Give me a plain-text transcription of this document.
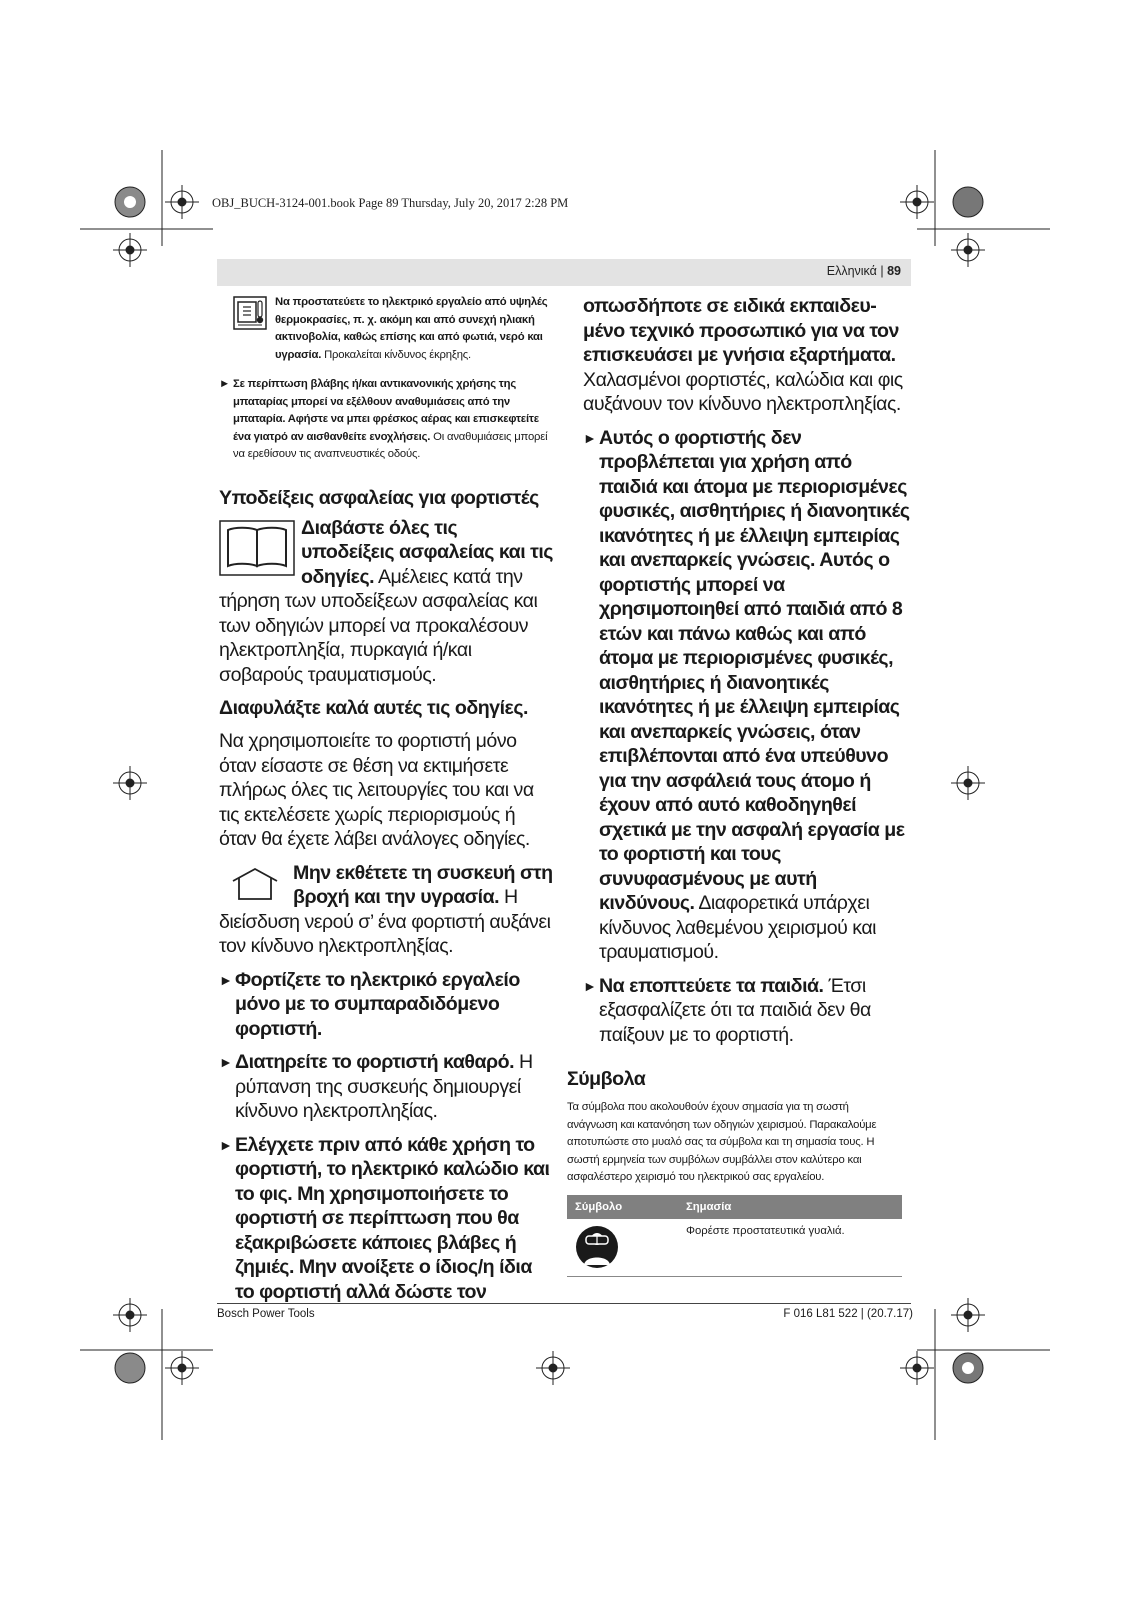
OBJ_BUCH-3124-001.book Page 89 Thursday, July 20, 2017 2:28 PM
Ελληνικά | 89
Να προστατεύετε το ηλεκτρικό εργαλείο από υψηλές θερμοκρασίες, π. χ. ακόμη και από συνεχή ηλιακή ακτινοβολία, καθώς επίσης και από φωτιά, νερό και υγρασία. Προκαλείται κίνδυνος έκρηξης.
► Σε περίπτωση βλάβης ή/και αντικανονικής χρήσης της μπαταρίας μπορεί να εξέλθουν αναθυμιάσεις από την μπαταρία. Αφήστε να μπει φρέσκος αέρας και επισκεφτείτε ένα γιατρό αν αισθανθείτε ενοχλήσεις. Οι αναθυμιάσεις μπορεί να ερεθίσουν τις αναπνευστικές οδούς.
Υποδείξεις ασφαλείας για φορτιστές
Διαβάστε όλες τις υποδείξεις ασφαλείας και τις οδηγίες. Αμέλειες κατά την τήρηση των υποδείξεων ασφαλείας και των οδηγιών μπορεί να προκαλέσουν ηλεκτροπληξία, πυρκαγιά ή/και σοβαρούς τραυματισμούς.
Διαφυλάξτε καλά αυτές τις οδηγίες.
Να χρησιμοποιείτε το φορτιστή μόνο όταν είσαστε σε θέση να εκτιμήσετε πλήρως όλες τις λειτουργίες του και να τις εκτελέσετε χωρίς περιορισμούς ή όταν θα έχετε λάβει ανάλογες οδηγίες.
Μην εκθέτετε τη συσκευή στη βροχή και την υγρασία. Η διείσδυση νερού σ’ ένα φορτιστή αυξάνει τον κίνδυνο ηλεκτροπληξίας.
► Φορτίζετε το ηλεκτρικό εργαλείο μόνο με το συμπαραδιδόμενο φορτιστή.
► Διατηρείτε το φορτιστή καθαρό. Η ρύπανση της συσκευής δημιουργεί κίνδυνο ηλεκτροπληξίας.
► Ελέγχετε πριν από κάθε χρήση το φορτιστή, το ηλεκτρικό καλώδιο και το φις. Μη χρησιμοποιήσετε το φορτιστή σε περίπτωση που θα εξακριβώσετε κάποιες βλάβες ή ζημιές. Μην ανοίξετε ο ίδιος/η ίδια το φορτιστή αλλά δώστε τον
οπωσδήποτε σε ειδικά εκπαιδευ-μένο τεχνικό προσωπικό για να τον επισκευάσει με γνήσια εξαρτήματα. Χαλασμένοι φορτιστές, καλώδια και φις αυξάνουν τον κίνδυνο ηλεκτροπληξίας.
► Αυτός ο φορτιστής δεν προβλέπεται για χρήση από παιδιά και άτομα με περιορισμένες φυσικές, αισθητήριες ή διανοητικές ικανότητες ή με έλλειψη εμπειρίας και ανεπαρκείς γνώσεις. Αυτός ο φορτιστής μπορεί να χρησιμοποιηθεί από παιδιά από 8 ετών και πάνω καθώς και από άτομα με περιορισμένες φυσικές, αισθητήριες ή διανοητικές ικανότητες ή με έλλειψη εμπειρίας και ανεπαρκείς γνώσεις, όταν επιβλέπονται από ένα υπεύθυνο για την ασφάλειά τους άτομο ή έχουν από αυτό καθοδηγηθεί σχετικά με την ασφαλή εργασία με το φορτιστή και τους συνυφασμένους με αυτή κινδύνους. Διαφορετικά υπάρχει κίνδυνος λαθεμένου χειρισμού και τραυματισμού.
► Να εποπτεύετε τα παιδιά. Έτσι εξασφαλίζετε ότι τα παιδιά δεν θα παίξουν με το φορτιστή.
Σύμβολα
Τα σύμβολα που ακολουθούν έχουν σημασία για τη σωστή ανάγνωση και κατανόηση των οδηγιών χειρισμού. Παρακαλούμε αποτυπώστε στο μυαλό σας τα σύμβολα και τη σημασία τους. Η σωστή ερμηνεία των συμβόλων συμβάλλει στον καλύτερο και ασφαλέστερο χειρισμό του ηλεκτρικού σας εργαλείου.
Σύμβολο	Σημασία
	Φορέστε προστατευτικά γυαλιά.
Bosch Power Tools	F 016 L81 522 | (20.7.17)
